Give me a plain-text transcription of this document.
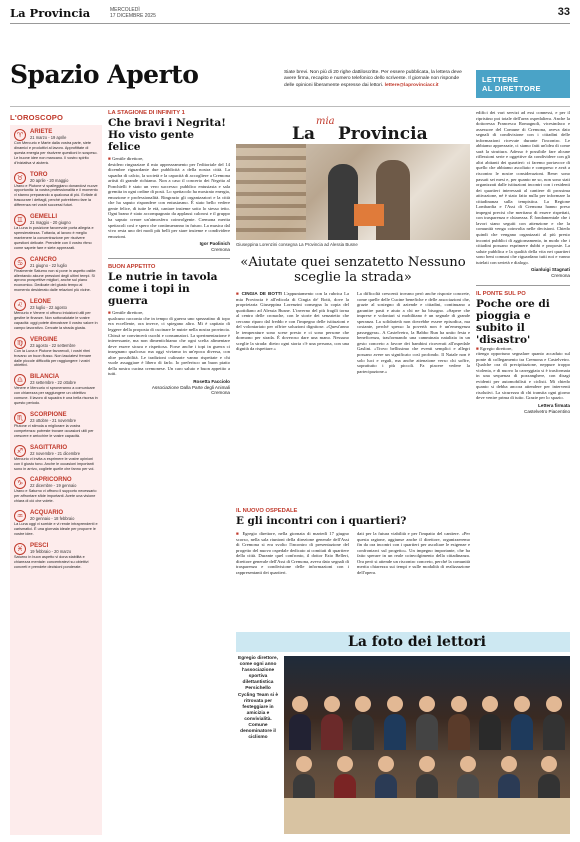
La Provincia	MERCOLEDÌ
17 DICEMBRE 2025	33
Spazio Aperto	Siate brevi. Non più di 20 righe dattiloscritte. Per essere pubblicata, la lettera deve avere firma, recapito e numero telefonico dello scrivente. Il giornale non risponde delle opinioni liberamente espresse dai lettori. lettere@laprovinciacr.it
LETTERE
AL DIRETTORE
L'OROSCOPO
♈	ARIETE
21 marzo - 19 aprile
Con Mercurio e Marte dalla vostra parte, siete dinamici e produttivi al lavoro. Approfittate di questa energia per risolvere questioni in sospeso. Le buone idee non mancano. Il vostro spirito d'iniziativa vi aiuterà.
♉	TORO
20 aprile - 20 maggio
Urano e Plutone vi spalleggiano donandovi nuove opportunità: la vostra professionalità e il momento vi stanno preparando a qualcosa di più. Evitate di trascurare i dettagli, perché potrebbero fare la differenza nei vostri successi futuri.
♊	GEMELLI
21 maggio - 20 giugno
La Luna in posizione favorevole porta allegria e spensieratezza. Tuttavia, al lavoro è meglio mantenere la concentrazione per risolvere questioni delicate. Prendete con il vostro ritmo come sapete fare e siete apprezzati.
♋	CANCRO
21 giugno - 22 luglio
Finalmente Saturno non si pone in aspetto ostile: allentando alcune pressioni degli ultimi tempi. Si aprono prospettive migliori, anche sul piano economico. Dedicate del giusto tempo al momento desiderato dalle relazioni più vicine.
♌	LEONE
23 luglio - 22 agosto
Mercurio e Venere vi offrono intuizioni utili per gestire le finanze. Non sottovalutate le vostre capacità: oggi potete dimostrare il vostro valore in campo lavorativo. Cercate la strada giusta.
♍	VERGINE
23 agosto - 22 settembre
Con la Luna e Plutone favorevoli, i vostri ritmi trovano un buon flusso. Non lasciatevi frenare dalle piccole difficoltà per raggiungere i vostri obiettivi.
♎	BILANCIA
23 settembre - 22 ottobre
Venere e Mercurio vi sproneranno a comunicare con chiarezza per raggiungere un obiettivo comune. Il lavoro di squadra è una bella risorsa in questo periodo.
♏	SCORPIONE
23 ottobre - 21 novembre
Plutone vi stimola a migliorare la vostra competenza: potreste trovare occasioni utili per crescere e arricchire le vostre capacità.
♐	SAGITTARIO
22 novembre - 21 dicembre
Mercurio vi invita a esprimere le vostre opinioni con il giusto tono. Anche le occasioni importanti sono in arrivo, cogliete quelle che fanno per voi.
♑	CAPRICORNO
22 dicembre - 19 gennaio
Urano e Saturno vi offrono il supporto necessario per affrontare sfide importanti. Avete una visione chiara di ciò che volete.
♒	ACQUARIO
20 gennaio - 18 febbraio
La Luna oggi vi sorride e vi rende intraprendenti e carismatici. È una giornata ideale per proporre le vostre idee.
♓	PESCI
19 febbraio - 20 marzo
Saturno in buon aspetto vi dona stabilità e chiarezza mentale: concentratevi su obiettivi concreti e prendete decisioni ponderate.
LA STAGIONE DI INFINITY 1
Che bravi i Negrita! Ho visto gente felice
■ Gentile direttore,
desidero ringraziare il mio apprezzamento per l'editoriale del 14 dicembre riguardante due pubblicità a della nostra città. La squadra di calcio, la società e la capacità di accogliere a Cremona artisti di grande richiamo. Non a caso il concerto dei Negrita al Ponchielli è stato un vero successo: pubblico entusiasta e sala gremita in ogni ordine di posti. Lo spettacolo ha mostrato energia, emozione e professionalità. Ringrazio gli organizzatori e la città che ha saputo rispondere con entusiasmo. È stato bello vedere gente felice, di tutte le età, cantare insieme sotto lo stesso tetto. Ogni brano è stato accompagnato da applausi calorosi e il gruppo ha saputo creare un'atmosfera coinvolgente. Cremona merita spettacoli così e spero che continueranno in futuro. La musica dal vivo resta uno dei modi più belli per stare insieme e condividere emozioni.
Igor Paolinich
Cremona
BUON APPETITO
Le nutrie in tavola come i topi in guerra
■ Gentile direttore,
qualcuno racconta che in tempo di guerra uno spezzatino di topo era eccellente, ora invece, ci spiegano altro. Mi è capitato di leggere della proposta di cucinare le nutrie nella nostra provincia. Chissà se convincerà cuochi e consumatori. La sperimentazione è interessante, ma non dimentichiamo che ogni scelta alimentare deve essere sicura e rispettosa. Forse anche i topi in guerra ci insegnano qualcosa: ma oggi viviamo in un'epoca diversa, con altre possibilità. Le tradizioni culinarie vanno rispettate e chi vuole assaggiare è libero di farlo. Io preferisco un buon piatto della nostra cucina cremonese. Un caro saluto e buon appetito a tutti.
Rosetta Facciolo
Associazione Dalla Parte degli Animali
Cremona
La
mia
Provincia
Giuseppina Lorenzini consegna La Provincia ad Alessia Busne
«Aiutate quei senzatetto Nessuno sceglie la strada»
■ CINGIA DE BOTTI L'appuntamento con la rubrica La mia Provincia è all'edicola di Cingia de' Botti, dove la proprietaria Giuseppina Lorenzini consegna la copia del quotidiano ad Alessia Busne. L'inverno del più fragili torna al centro delle cronache, con le storie dei senzatetto che cercano riparo dal freddo e con l'impegno delle istituzioni e del volontariato per offrire soluzioni dignitose. «Quest'anno le temperature sono scese presto e ci sono persone che dormono per strada. È doveroso dare una mano. Nessuno sceglie la strada: dietro ogni storia c'è una persona, con una dignità da rispettare.»
La difficoltà crescenti trovano però anche risposte concrete, come quelle delle Cucine benefiche e delle associazioni che, grazie al sostegno di aziende e cittadini, continuano a garantire pasti e aiuto a chi ne ha bisogno. «Sapere che imprese e volontari si mobilitano è un segnale di grande speranza. La solidarietà non dovrebbe essere episodica, ma costante, perché spesso la povertà non è un'emergenza passeggera». A Castelvetro, la Babbo Run ha unito festa e beneficenza, trasformando una camminata natalizia in un gesto concreto a favore dei bambini ricoverati all'ospedale Gaslini. «Trovo bellissimo che eventi semplici e allegri possano avere un significato così profondo. Il Natale non è solo luci e regali, ma anche attenzione verso chi soffre, soprattutto i più piccoli. Fa piacere vedere la partecipazione.»
edifici dei vari servizi ad essi connessi, e per il ripristino poi totale dell'area ospedaliera. Anche la dottoressa Francesca Romagnoli, vicesindaco e assessore del Comune di Cremona, aveva dato segnali di condivisione con i cittadini delle informazioni ricevute durante l'incontro. Le abbiamo apprezzate, ci siamo fatti un'idea di come sarà la struttura. Adesso è possibile fare alcune riflessioni serie e oggettive da condividere con gli altri abitanti dei quartieri: ci faremo portavoce di quello che abbiamo ascoltato e compreso e avrà a riscontro le nostre considerazioni. Bene: sono passati sei mesi e, per quanto ne so, non sono stati organizzati dalle istituzioni incontri con i residenti dei quartieri interessati al cantiere di prossima attivazione, né è stato fatto nulla per informare la cittadinanza sulla tempistica. La Regione Lombardia e l'Asst di Cremona hanno preso impegni precisi che meritano di essere rispettati, con trasparenza e chiarezza. È fondamentale che i lavori siano seguiti con attenzione e che la comunità venga coinvolta nelle decisioni. Chiedo quindi che vengano organizzati al più presto incontri pubblici di aggiornamento, in modo che i cittadini possano esprimere dubbi e proposte. La salute pubblica e la qualità della vita nei quartieri sono beni comuni che riguardano tutti noi e vanno tutelati con serietà e dialogo.
Gianluigi Stagnati
Cremona
IL PONTE SUL PO
Poche ore di pioggia e subito il 'disastro'
■ Egregio direttore,
ritengo opportuno segnalare quanto accaduto sul ponte di collegamento tra Cremona e Castelvetro. Qualche ora di precipitazione, neppure troppo violenta, e di nuovo la carreggiata si è trasformata in una sequenza di pozzanghere, con disagi evidenti per automobilisti e ciclisti. Mi chiedo quanto si debba ancora attendere per interventi risolutivi. La sicurezza di chi transita ogni giorno deve venire prima di tutto. Grazie per lo spazio.
Lettera firmata
Castelvetro Piacentino
IL NUOVO OSPEDALE
E gli incontri con i quartieri?
■ Egregio direttore, nella giornata di martedì 17 giugno scorso, nella sala riunioni della direzione generale dell'Asst di Cremona si era svolto l'incontro di presentazione del progetto del nuovo ospedale dedicato ai comitati di quartiere della città. Durante quel confronto, il dottor Ezio Belleri, direttore generale dell'Asst di Cremona, aveva dato segnali di trasparenza e condivisione delle informazioni con i rappresentanti dei quartieri.
dati per la futura viabilità e per l'impatto del cantiere. «Per questa ragione, aggiunse anche il direttore, organizzeremo fin da ora incontri con i quartieri per ascoltare le esigenze e confrontarci sul progetto». Un impegno importante, che ha fatto sperare in un reale coinvolgimento della cittadinanza. Ora però si attende un riscontro concreto, perché la comunità merita chiarezza sui tempi e sulle modalità di realizzazione dell'opera.
La foto dei lettori
Egregio direttore, come ogni anno l'associazione sportiva dilettantistica Persichello Cycling Team si è ritrovata per festeggiare in amicizia e convivialità. Comune denominatore il ciclismo
